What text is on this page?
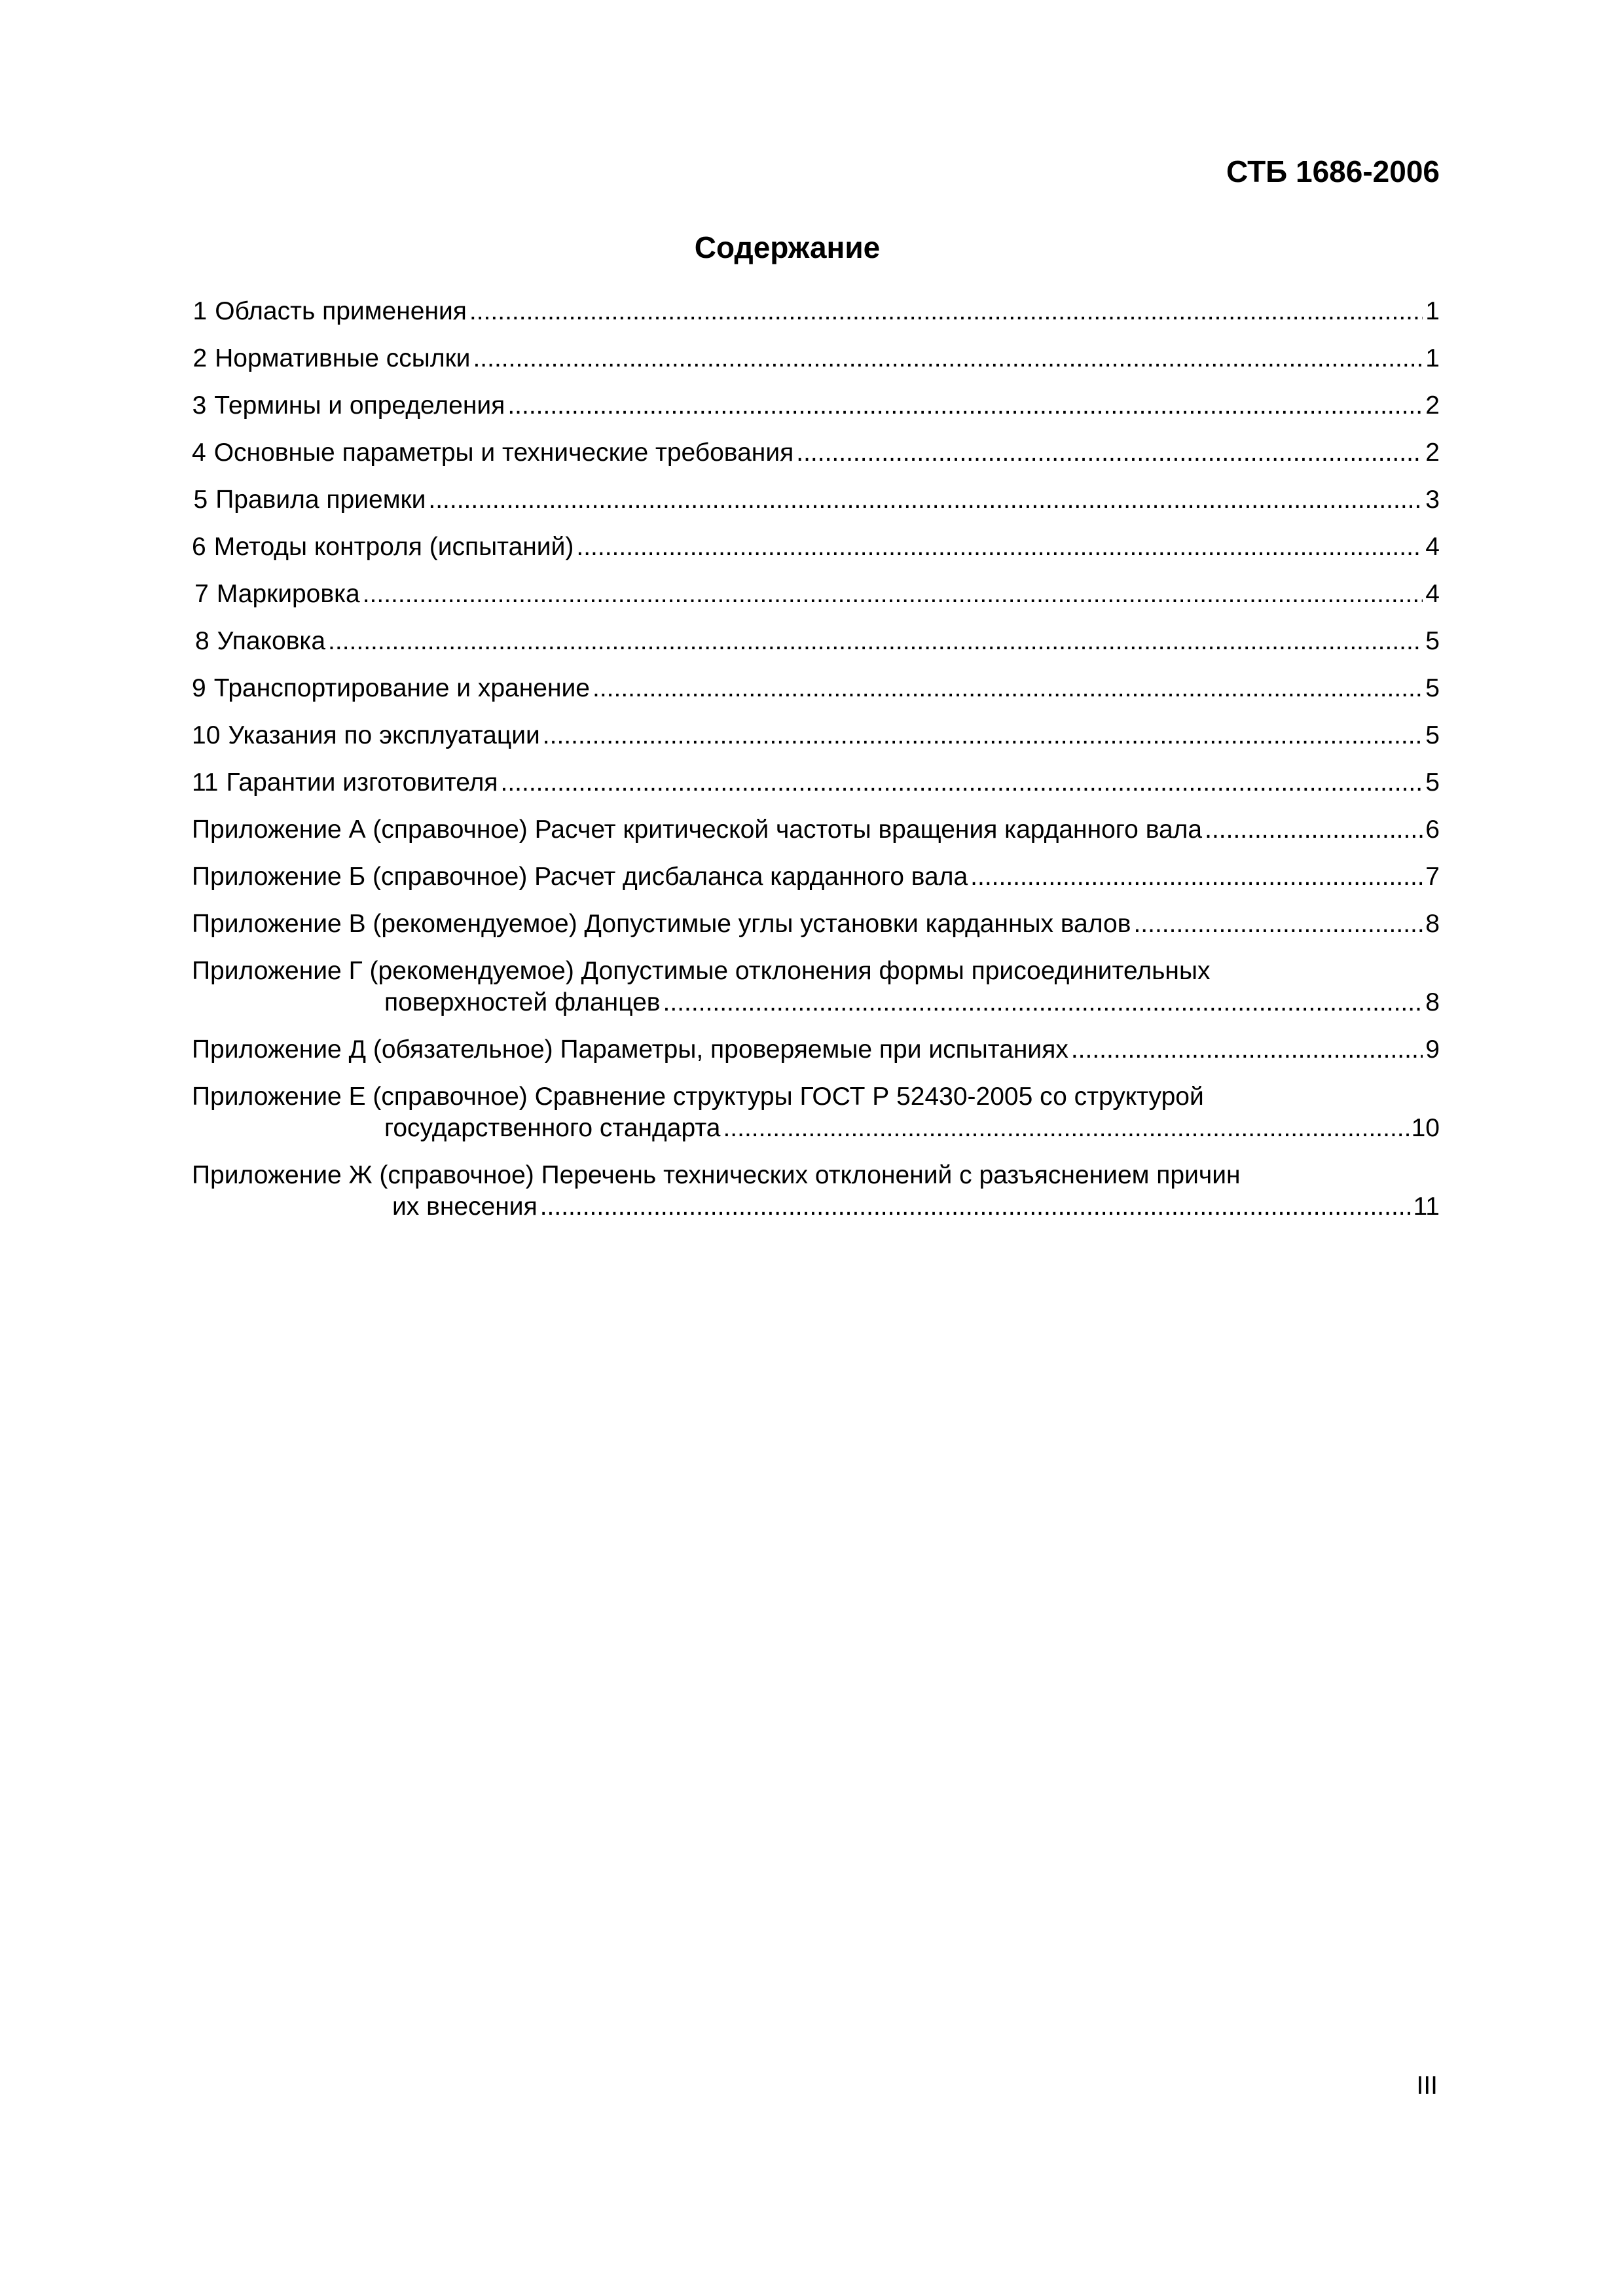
СТБ 1686-2006
Содержание
1 Область применения .....	1
2 Нормативные ссылки .....	1
3 Термины и определения .....	2
4 Основные параметры и технические требования .....	2
5 Правила приемки .....	3
6 Методы контроля (испытаний) .....	4
7 Маркировка .....	4
8 Упаковка .....	5
9 Транспортирование и хранение .....	5
10 Указания по эксплуатации .....	5
11 Гарантии изготовителя .....	5
Приложение А (справочное) Расчет критической частоты вращения карданного вала .....	6
Приложение Б (справочное) Расчет дисбаланса карданного вала .....	7
Приложение В (рекомендуемое) Допустимые углы установки карданных валов .....	8
Приложение Г (рекомендуемое) Допустимые отклонения формы присоединительных
поверхностей фланцев .....	8
Приложение Д (обязательное) Параметры, проверяемые при испытаниях .....	9
Приложение Е (справочное) Сравнение структуры ГОСТ Р 52430-2005 со структурой
государственного стандарта .....	10
Приложение Ж (справочное) Перечень технических отклонений с разъяснением причин
их внесения .....	11
III
